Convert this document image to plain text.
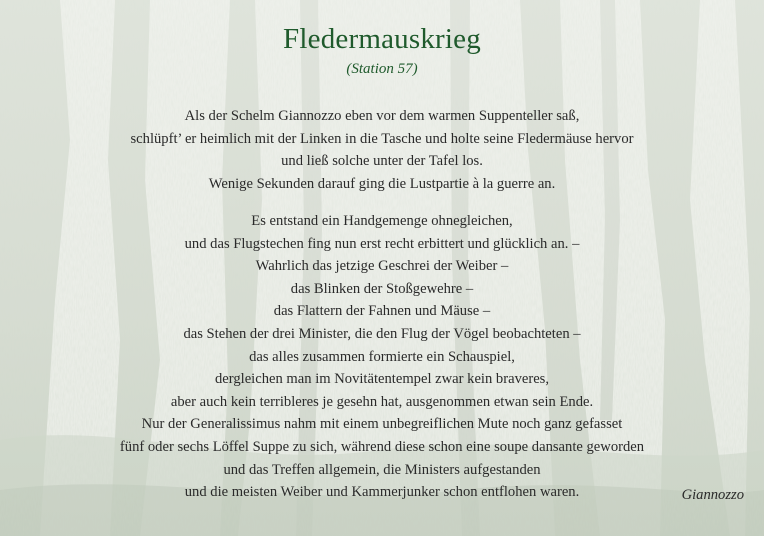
Fledermauskrieg
(Station 57)
Als der Schelm Giannozzo eben vor dem warmen Suppenteller saß,
schlüpft’ er heimlich mit der Linken in die Tasche und holte seine Fledermäuse hervor
und ließ solche unter der Tafel los.
Wenige Sekunden darauf ging die Lustpartie à la guerre an.
Es entstand ein Handgemenge ohnegleichen,
und das Flugstechen fing nun erst recht erbittert und glücklich an. –
Wahrlich das jetzige Geschrei der Weiber –
das Blinken der Stoßgewehre –
das Flattern der Fahnen und Mäuse –
das Stehen der drei Minister, die den Flug der Vögel beobachteten –
das alles zusammen formierte ein Schauspiel,
dergleichen man im Novitätentempel zwar kein braveres,
aber auch kein terribleres je gesehn hat, ausgenommen etwan sein Ende.
Nur der Generalissimus nahm mit einem unbegreiflichen Mute noch ganz gefasset
fünf oder sechs Löffel Suppe zu sich, während diese schon eine soupe dansante geworden
und das Treffen allgemein, die Ministers aufgestanden
und die meisten Weiber und Kammerjunker schon entflohen waren.	Giannozzo
